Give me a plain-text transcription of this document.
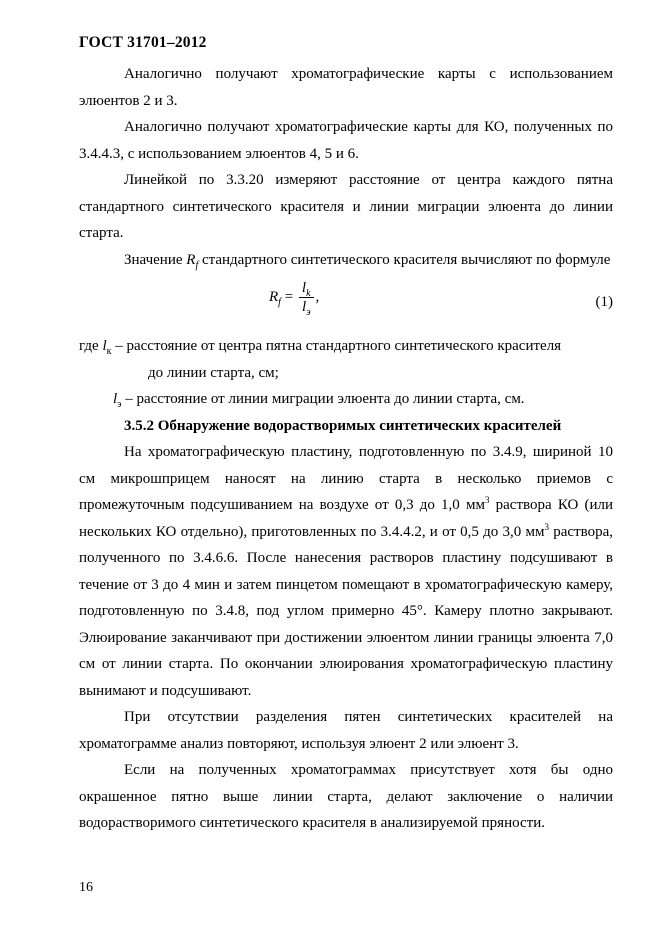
ГОСТ 31701–2012

Аналогично получают хроматографические карты с использованием элюентов 2 и 3.

Аналогично получают хроматографические карты для КО, полученных по 3.4.4.3, с использованием элюентов 4, 5 и 6.

Линейкой по 3.3.20 измеряют расстояние от центра каждого пятна стандартного синтетического красителя и линии миграции элюента до линии старта.

Значение $R_f$ стандартного синтетического красителя вычисляют по формуле

$R_f = \frac{l_k}{l_э}$ ,	(1)

где $l_к$ – расстояние от центра пятна стандартного синтетического красителя

до линии старта, см;

$l_э$ – расстояние от линии миграции элюента до линии старта, см.

3.5.2 Обнаружение водорастворимых синтетических красителей

На хроматографическую пластину, подготовленную по 3.4.9, шириной 10 см микрошприцем наносят на линию старта в несколько приемов с промежуточным подсушиванием на воздухе от 0,3 до 1,0 $мм^3$ раствора КО (или нескольких КО отдельно), приготовленных по 3.4.4.2, и от 0,5 до 3,0 $мм^3$ раствора, полученного по 3.4.6.6. После нанесения растворов пластину подсушивают в течение от 3 до 4 мин и затем пинцетом помещают в хроматографическую камеру, подготовленную по 3.4.8, под углом примерно 45°. Камеру плотно закрывают. Элюирование заканчивают при достижении элюентом линии границы элюента 7,0 см от линии старта. По окончании элюирования хроматографическую пластину вынимают и подсушивают.

При отсутствии разделения пятен синтетических красителей на хроматограмме анализ повторяют, используя элюент 2 или элюент 3.

Если на полученных хроматограммах присутствует хотя бы одно окрашенное пятно выше линии старта, делают заключение о наличии водорастворимого синтетического красителя в анализируемой пряности.

16
